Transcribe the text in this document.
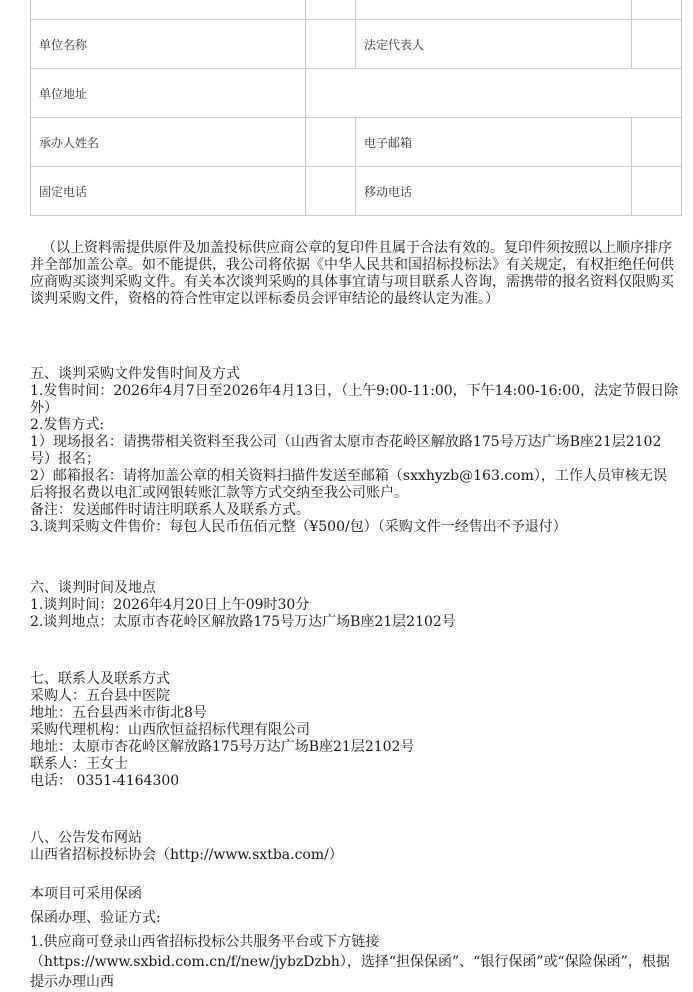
单位名称		法定代表人	
单位地址			
承办人姓名		电子邮箱	
固定电话		移动电话	

（以上资料需提供原件及加盖投标供应商公章的复印件且属于合法有效的。复印件须按照以上顺序排序并全部加盖公章。如不能提供，我公司将依据《中华人民共和国招标投标法》有关规定，有权拒绝任何供应商购买谈判采购文件。有关本次谈判采购的具体事宜请与项目联系人咨询，需携带的报名资料仅限购买谈判采购文件，资格的符合性审定以评标委员会评审结论的最终认定为准。）

五、谈判采购文件发售时间及方式

1.发售时间：2026年4月7日至2026年4月13日，（上午9:00-11:00，下午14:00-16:00，法定节假日除外）

2.发售方式:

1）现场报名：请携带相关资料至我公司（山西省太原市杏花岭区解放路175号万达广场B座21层2102号）报名；

2）邮箱报名：请将加盖公章的相关资料扫描件发送至邮箱（sxxhyzb@163.com），工作人员审核无误后将报名费以电汇或网银转账汇款等方式交纳至我公司账户。

备注：发送邮件时请注明联系人及联系方式。

3.谈判采购文件售价：每包人民币伍佰元整（¥500/包）（采购文件一经售出不予退付）

六、谈判时间及地点

1.谈判时间：2026年4月20日上午09时30分

2.谈判地点：太原市杏花岭区解放路175号万达广场B座21层2102号

七、联系人及联系方式

采购人：五台县中医院

地址：五台县西米市街北8号

采购代理机构：山西欣恒益招标代理有限公司

地址：太原市杏花岭区解放路175号万达广场B座21层2102号

联系人：王女士

电话： 0351-4164300

八、公告发布网站

山西省招标投标协会（http://www.sxtba.com/）

本项目可采用保函

保函办理、验证方式:

1.供应商可登录山西省招标投标公共服务平台或下方链接（https://www.sxbid.com.cn/f/new/jybzDzbh），选择“担保保函”、“银行保函”或“保险保函”，根据提示办理山西
